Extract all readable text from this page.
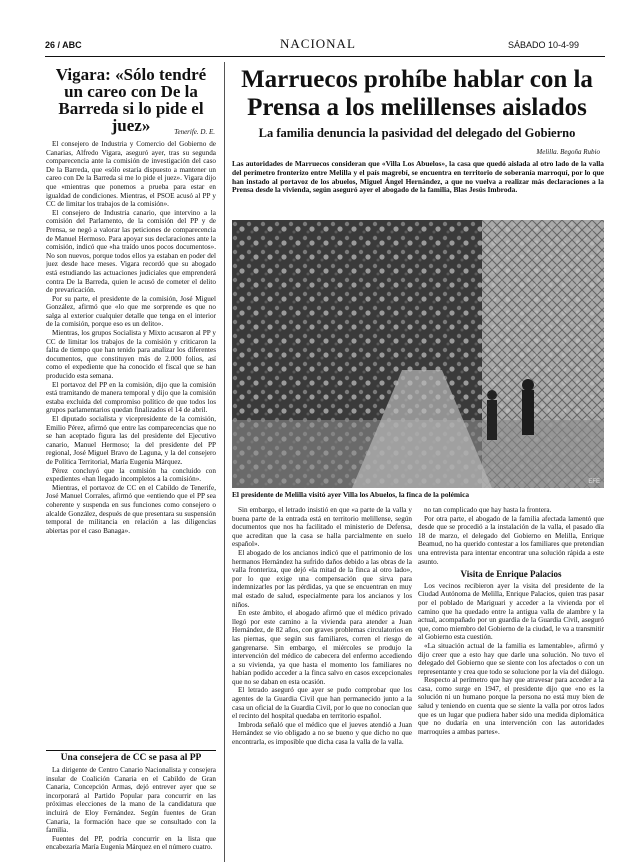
26 / ABC	NACIONAL	SÁBADO 10-4-99
Vigara: «Sólo tendré un careo con De la Barreda si lo pide el juez»	Tenerife. D. E.

El consejero de Industria y Comercio del Gobierno de Canarias, Alfredo Vigara, aseguró ayer, tras su segunda comparecencia ante la comisión de investigación del caso De la Barreda, que «sólo estaría dispuesto a mantener un careo con De la Barreda si me lo pide el juez». Vigara dijo que «mientras que ponemos a prueba para estar en igualdad de condiciones. Mientras, el PSOE acusó al PP y CC de limitar los trabajos de la comisión».

El consejero de Industria canario, que intervino a la comisión del Parlamento, de la comisión del PP y de Prensa, se negó a valorar las peticiones de comparecencia de Manuel Hermoso. Para apoyar sus declaraciones ante la comisión, indicó que «ha traído unos pocos documentos». No son nuevos, porque todos ellos ya estaban en poder del juez desde hace meses. Vigara recordó que su abogado está estudiando las actuaciones judiciales que emprenderá contra De la Barreda, quien le acusó de cometer el delito de prevaricación.

Por su parte, el presidente de la comisión, José Miguel González, afirmó que «lo que me sorprende es que no salga al exterior cualquier detalle que tenga en el interior de la comisión, porque eso es un delito».

Mientras, los grupos Socialista y Mixto acusaron al PP y CC de limitar los trabajos de la comisión y criticaron la falta de tiempo que han tenido para analizar los diferentes documentos, que constituyen más de 2.000 folios, así como el expediente que ha conocido el fiscal que se han producido esta semana.

El portavoz del PP en la comisión, dijo que la comisión está tramitando de manera temporal y dijo que la comisión estaba excluida del compromiso político de que todos los grupos parlamentarios quedan finalizados el 14 de abril.

El diputado socialista y vicepresidente de la comisión, Emilio Pérez, afirmó que entre las comparecencias que no se han aceptado figura las del presidente del Ejecutivo canario, Manuel Hermoso; la del presidente del PP regional, José Miguel Bravo de Laguna, y la del consejero de Política Territorial, María Eugenia Márquez.

Pérez concluyó que la comisión ha concluido con expedientes «han llegado incompletos a la comisión».

Mientras, el portavoz de CC en el Cabildo de Tenerife, José Manuel Corrales, afirmó que «entiendo que el PP sea coherente y suspenda en sus funciones como consejero o alcalde González, después de que presentara su suspensión temporal de militancia en relación a las diligencias abiertas por el caso Banaga».

Una consejera de CC se pasa al PP

La dirigente de Centro Canario Nacionalista y consejera insular de Coalición Canaria en el Cabildo de Gran Canaria, Concepción Armas, dejó entrever ayer que se incorporará al Partido Popular para concurrir en las próximas elecciones de la mano de la candidatura que incluirá de Eloy Fernández. Según fuentes de Gran Canaria, la formación hace que se consultado con la familia.

Fuentes del PP, podría concurrir en la lista que encabezaría María Eugenia Márquez en el número cuatro.

Marruecos prohíbe hablar con la Prensa a los melillenses aislados
La familia denuncia la pasividad del delegado del Gobierno
Melilla. Begoña Rubio
Las autoridades de Marruecos consideran que «Villa Los Abuelos», la casa que quedó aislada al otro lado de la valla del perímetro fronterizo entre Melilla y el país magrebí, se encuentra en territorio de soberanía marroquí, por lo que han instado al portavoz de los abuelos, Miguel Ángel Hernández, a que no vuelva a realizar más declaraciones a la Prensa desde la vivienda, según aseguró ayer el abogado de la familia, Blas Jesús Imbroda.
EFE
El presidente de Melilla visitó ayer Villa los Abuelos, la finca de la polémica

Sin embargo, el letrado insistió en que «a parte de la valla y buena parte de la entrada está en territorio melillense, según documentos que nos ha facilitado el ministerio de Defensa, que acreditan que la casa se halla parcialmente en suelo español».

El abogado de los ancianos indicó que el patrimonio de los hermanos Hernández ha sufrido daños debido a las obras de la valla fronteriza, que dejó «la mitad de la finca al otro lado», por lo que exige una compensación que sirva para indemnizarles por las pérdidas, ya que se encuentran en muy mal estado de salud, especialmente para los ancianos y los niños.

En este ámbito, el abogado afirmó que el médico privado llegó por este camino a la vivienda para atender a Juan Hernández, de 82 años, con graves problemas circulatorios en las piernas, que según sus familiares, corren el riesgo de gangrenarse. Sin embargo, el miércoles se produjo la intervención del médico de cabecera del enfermo accediendo a su vivienda, ya que hasta el momento los familiares no habían podido acceder a la finca salvo en casos excepcionales que no se daban en esta ocasión.

El letrado aseguró que ayer se pudo comprobar que los agentes de la Guardia Civil que han permanecido junto a la casa un oficial de la Guardia Civil, por lo que no conocían que el recinto del hospital quedaba en territorio español.

Imbroda señaló que el médico que el jueves atendió a Juan Hernández se vio obligado a no se bueno y que dicho no que encontrarla, es imposible que dicha casa la valla de la valla.

no tan complicado que hay hasta la frontera.

Por otra parte, el abogado de la familia afectada lamentó que desde que se procedió a la instalación de la valla, el pasado día 18 de marzo, el delegado del Gobierno en Melilla, Enrique Beamud, no ha querido contestar a los familiares que pretendían una entrevista para intentar encontrar una solución rápida a este asunto.

Visita de Enrique Palacios

Los vecinos recibieron ayer la visita del presidente de la Ciudad Autónoma de Melilla, Enrique Palacios, quien tras pasar por el poblado de Mariguari y acceder a la vivienda por el camino que ha quedado entre la antigua valla de alambre y la actual, acompañado por un guardia de la Guardia Civil, aseguró que, como miembro del Gobierno de la ciudad, le va a transmitir al Gobierno esta cuestión.

«La situación actual de la familia es lamentable», afirmó y dijo creer que a esto hay que darle una solución. No tuvo el delegado del Gobierno que se siente con los afectados o con un representante y crea que todo se solucione por la vía del diálogo.

Respecto al perímetro que hay que atravesar para acceder a la casa, como surge en 1947, el presidente dijo que «no es la solución ni un humano porque la persona no está muy bien de salud y teniendo en cuenta que se siente la valla por otros lados que es un lugar que pudiera haber sido una medida diplomática que no dudaría en una intervención con las autoridades marroquíes a ambas partes».
